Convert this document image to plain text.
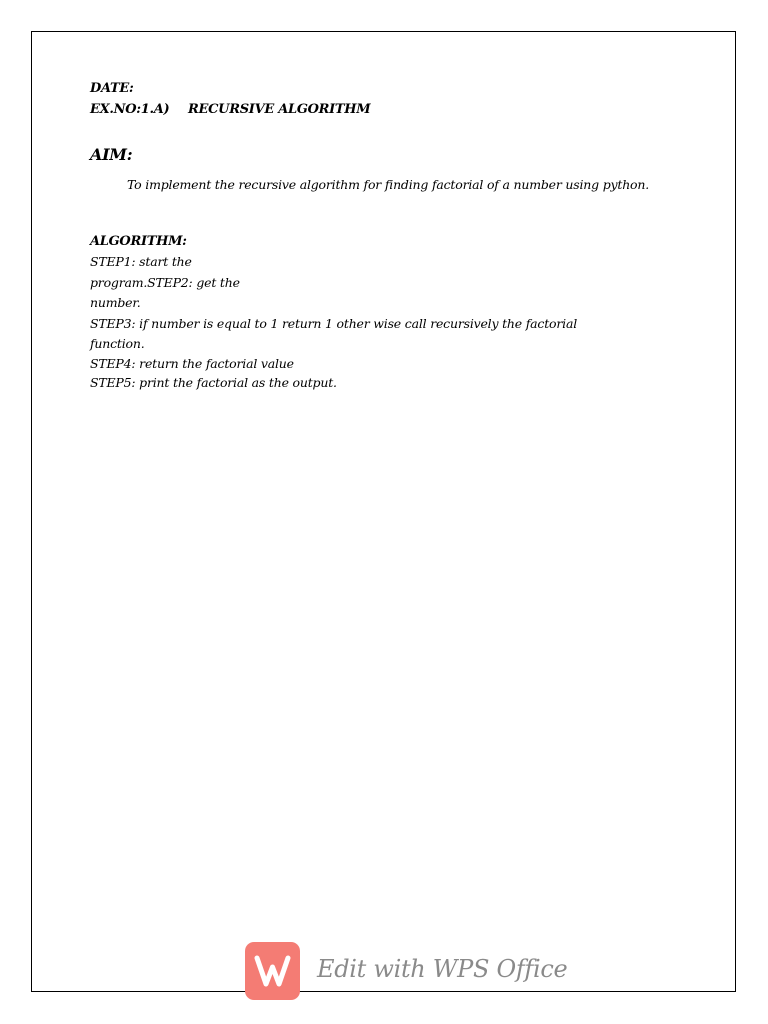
DATE:
EX.NO:1.A) RECURSIVE ALGORITHM
AIM:
To implement the recursive algorithm for finding factorial of a number using python.
ALGORITHM:
STEP1: start the
program.STEP2: get the
number.
STEP3: if number is equal to 1 return 1 other wise call recursively the factorial
function.
STEP4: return the factorial value
STEP5: print the factorial as the output.
Edit with WPS Office
